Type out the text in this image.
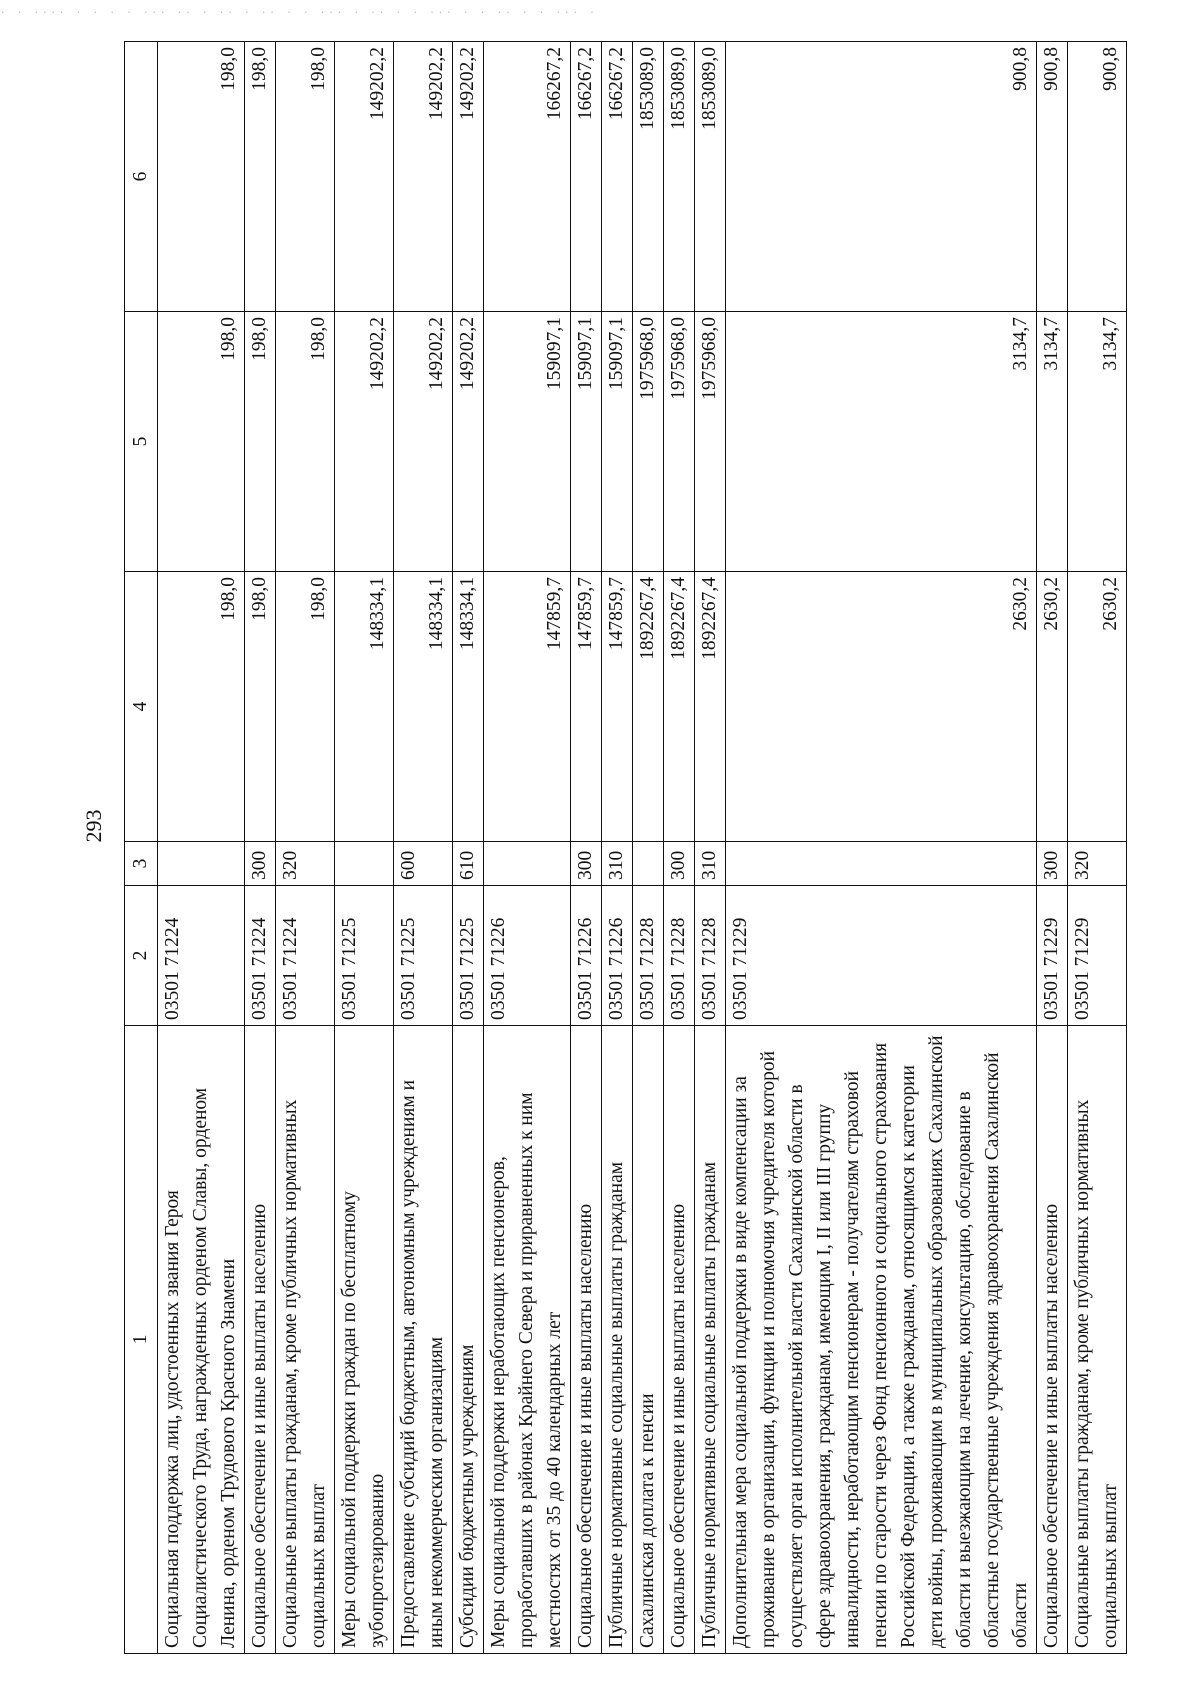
. . .... . . . . ... .. . .. . .. . . ... . .. . . ... . . .. . . ... .
293
1	2	3	4	5	6
Социальная поддержка лиц, удостоенных звания Героя Социалистического Труда, награжденных орденом Славы, орденом Ленина, орденом Трудового Красного Знамени	03501 71224		198,0	198,0	198,0
Социальное обеспечение и иные выплаты населению	03501 71224	300	198,0	198,0	198,0
Социальные выплаты гражданам, кроме публичных нормативных социальных выплат	03501 71224	320	198,0	198,0	198,0
Меры социальной поддержки граждан по бесплатному зубопротезированию	03501 71225		148334,1	149202,2	149202,2
Предоставление субсидий бюджетным, автономным учреждениям и иным некоммерческим организациям	03501 71225	600	148334,1	149202,2	149202,2
Субсидии бюджетным учреждениям	03501 71225	610	148334,1	149202,2	149202,2
Меры социальной поддержки неработающих пенсионеров, проработавших в районах Крайнего Севера и приравненных к ним местностях от 35 до 40 календарных лет	03501 71226		147859,7	159097,1	166267,2
Социальное обеспечение и иные выплаты населению	03501 71226	300	147859,7	159097,1	166267,2
Публичные нормативные социальные выплаты гражданам	03501 71226	310	147859,7	159097,1	166267,2
Сахалинская доплата к пенсии	03501 71228		1892267,4	1975968,0	1853089,0
Социальное обеспечение и иные выплаты населению	03501 71228	300	1892267,4	1975968,0	1853089,0
Публичные нормативные социальные выплаты гражданам	03501 71228	310	1892267,4	1975968,0	1853089,0
Дополнительная мера социальной поддержки в виде компенсации за проживание в организации, функции и полномочия учредителя которой осуществляет орган исполнительной власти Сахалинской области в сфере здравоохранения, гражданам, имеющим I, II или III группу инвалидности, неработающим пенсионерам - получателям страховой пенсии по старости через Фонд пенсионного и социального страхования Российской Федерации, а также гражданам, относящимся к категории дети войны, проживающим в муниципальных образованиях Сахалинской области и выезжающим на лечение, консультацию, обследование в областные государственные учреждения здравоохранения Сахалинской области	03501 71229		2630,2	3134,7	900,8
Социальное обеспечение и иные выплаты населению	03501 71229	300	2630,2	3134,7	900,8
Социальные выплаты гражданам, кроме публичных нормативных социальных выплат	03501 71229	320	2630,2	3134,7	900,8
